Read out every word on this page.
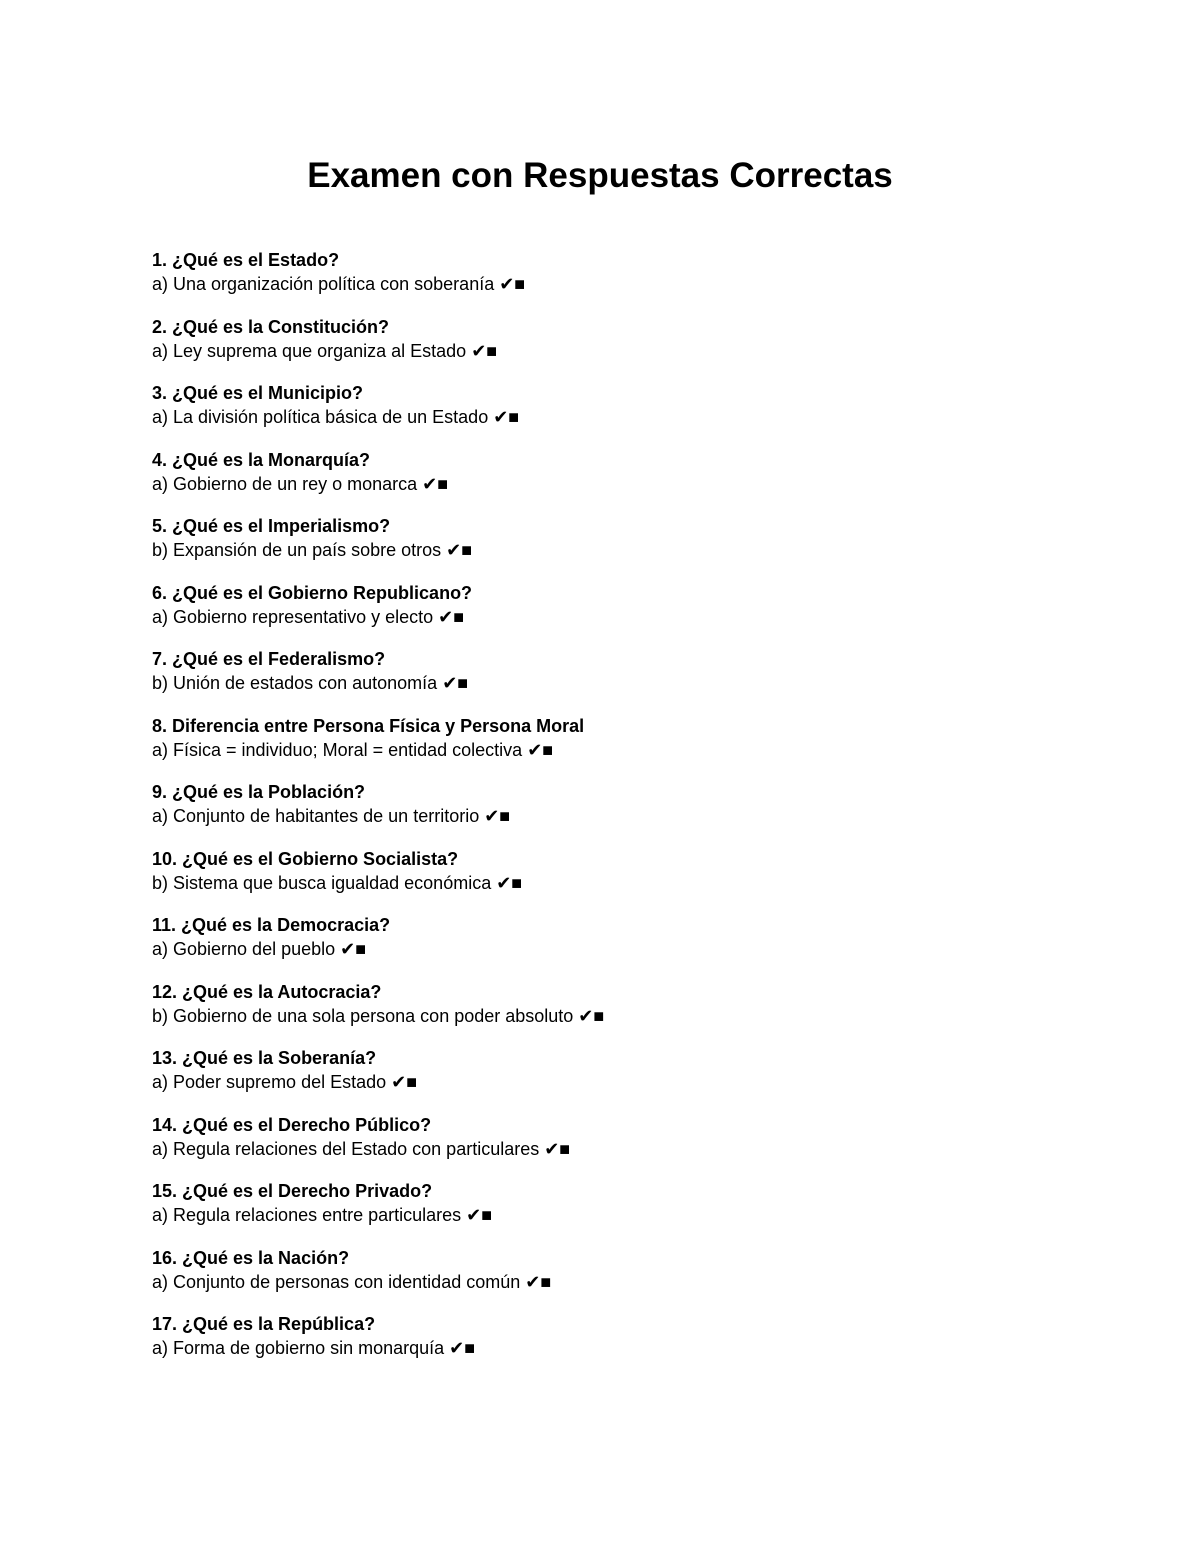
Examen con Respuestas Correctas
1. ¿Qué es el Estado?
a) Una organización política con soberanía ✔■
2. ¿Qué es la Constitución?
a) Ley suprema que organiza al Estado ✔■
3. ¿Qué es el Municipio?
a) La división política básica de un Estado ✔■
4. ¿Qué es la Monarquía?
a) Gobierno de un rey o monarca ✔■
5. ¿Qué es el Imperialismo?
b) Expansión de un país sobre otros ✔■
6. ¿Qué es el Gobierno Republicano?
a) Gobierno representativo y electo ✔■
7. ¿Qué es el Federalismo?
b) Unión de estados con autonomía ✔■
8. Diferencia entre Persona Física y Persona Moral
a) Física = individuo; Moral = entidad colectiva ✔■
9. ¿Qué es la Población?
a) Conjunto de habitantes de un territorio ✔■
10. ¿Qué es el Gobierno Socialista?
b) Sistema que busca igualdad económica ✔■
11. ¿Qué es la Democracia?
a) Gobierno del pueblo ✔■
12. ¿Qué es la Autocracia?
b) Gobierno de una sola persona con poder absoluto ✔■
13. ¿Qué es la Soberanía?
a) Poder supremo del Estado ✔■
14. ¿Qué es el Derecho Público?
a) Regula relaciones del Estado con particulares ✔■
15. ¿Qué es el Derecho Privado?
a) Regula relaciones entre particulares ✔■
16. ¿Qué es la Nación?
a) Conjunto de personas con identidad común ✔■
17. ¿Qué es la República?
a) Forma de gobierno sin monarquía ✔■
